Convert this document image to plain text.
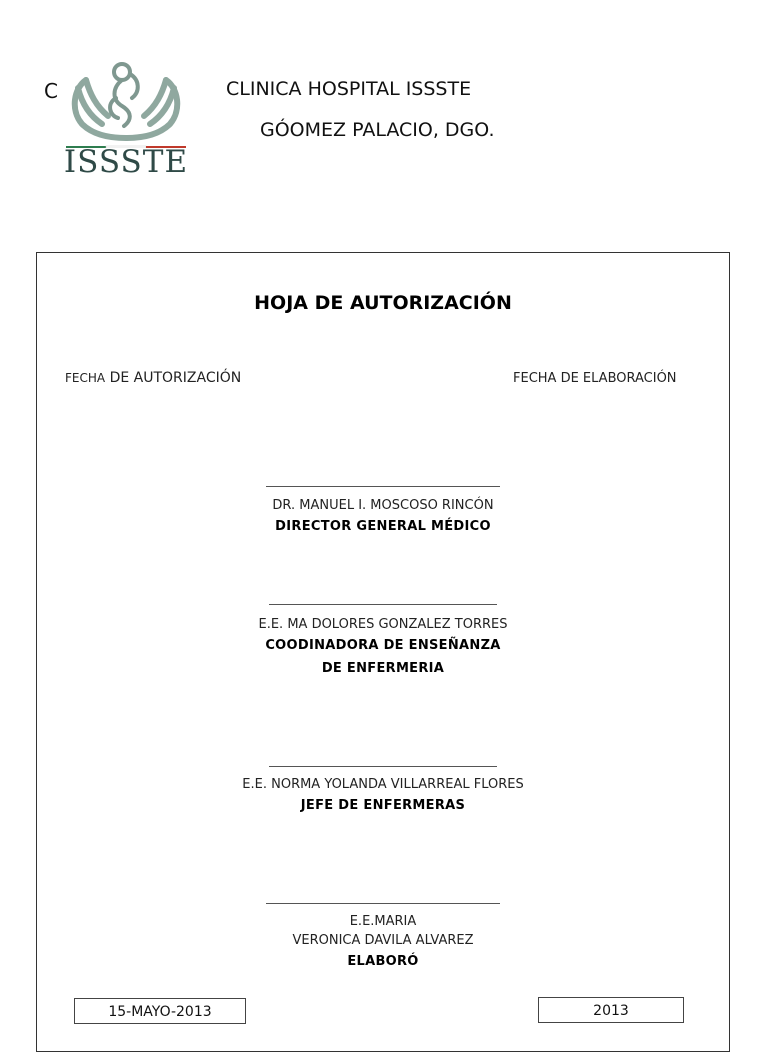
C
ISSSTE
CLINICA HOSPITAL ISSSTE
GÓOMEZ PALACIO, DGO.
HOJA DE AUTORIZACIÓN
FECHA DE AUTORIZACIÓN	FECHA DE ELABORACIÓN
DR. MANUEL I. MOSCOSO RINCÓN
DIRECTOR GENERAL MÉDICO
E.E. MA DOLORES GONZALEZ TORRES
COODINADORA DE ENSEÑANZA
DE ENFERMERIA
E.E. NORMA YOLANDA VILLARREAL FLORES
JEFE DE ENFERMERAS
E.E.MARIA
VERONICA DAVILA ALVAREZ
ELABORÓ
15-MAYO-2013	2013
